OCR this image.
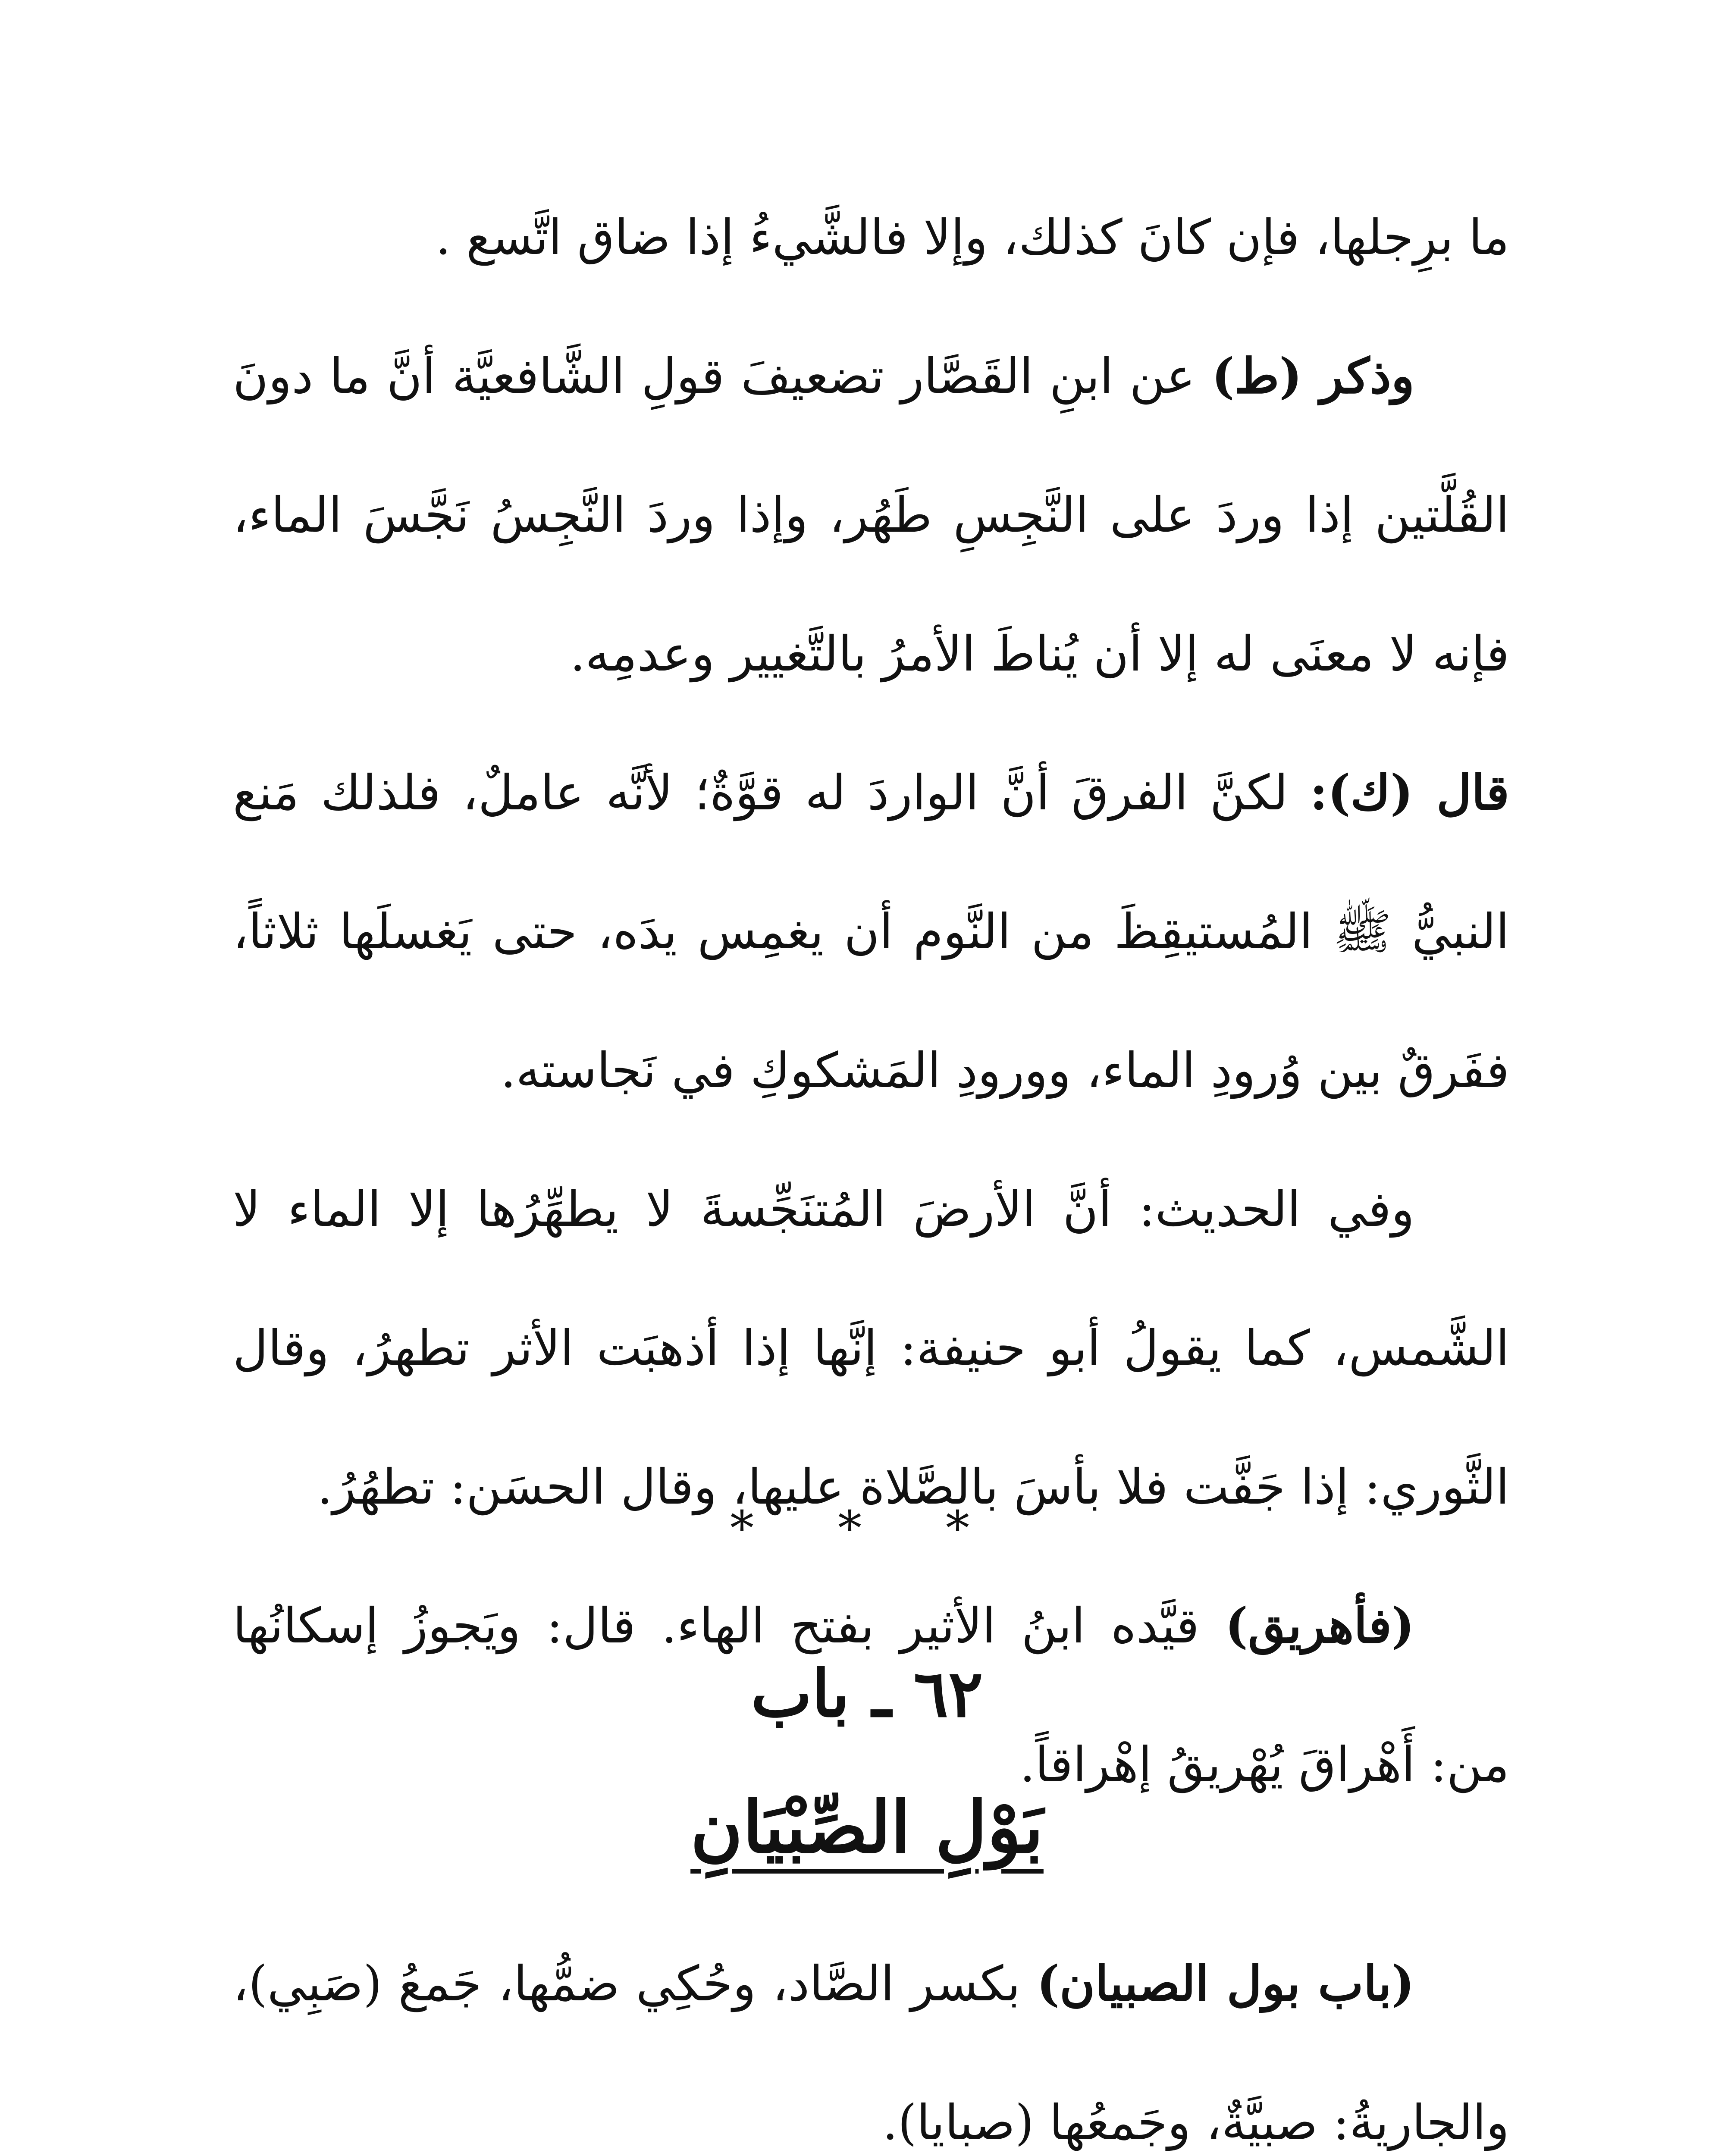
ما برِجلها، فإن كانَ كذلك، وإلا فالشَّيءُ إذا ضاق اتَّسع .

وذكر (ط) عن ابنِ القَصَّار تضعيفَ قولِ الشَّافعيَّة أنَّ ما دونَ القُلَّتين إذا وردَ على النَّجِسِ طَهُر، وإذا وردَ النَّجِسُ نَجَّسَ الماء، فإنه لا معنَى له إلا أن يُناطَ الأمرُ بالتَّغيير وعدمِه.

قال (ك): لكنَّ الفرقَ أنَّ الواردَ له قوَّةٌ؛ لأنَّه عاملٌ، فلذلك مَنع النبيُّ ﷺ المُستيقِظَ من النَّوم أن يغمِس يدَه، حتى يَغسلَها ثلاثاً، ففَرقٌ بين وُرودِ الماء، وورودِ المَشكوكِ في نَجاسته.

وفي الحديث: أنَّ الأرضَ المُتنَجِّسةَ لا يطهِّرُها إلا الماء لا الشَّمس، كما يقولُ أبو حنيفة: إنَّها إذا أذهبَت الأثر تطهرُ، وقال الثَّوري: إذا جَفَّت فلا بأسَ بالصَّلاة عليها، وقال الحسَن: تطهُرُ.

(فأهريق) قيَّده ابنُ الأثير بفتح الهاء. قال: ويَجوزُ إسكانُها من: أَهْراقَ يُهْريقُ إهْراقاً.

* * *
٦٢ ـ باب
بَوْلِ الصِّبْيَانِ

(باب بول الصبيان) بكسر الصَّاد، وحُكِي ضمُّها، جَمعُ (صَبِي)، والجاريةُ: صبيَّةٌ، وجَمعُها (صبايا).
